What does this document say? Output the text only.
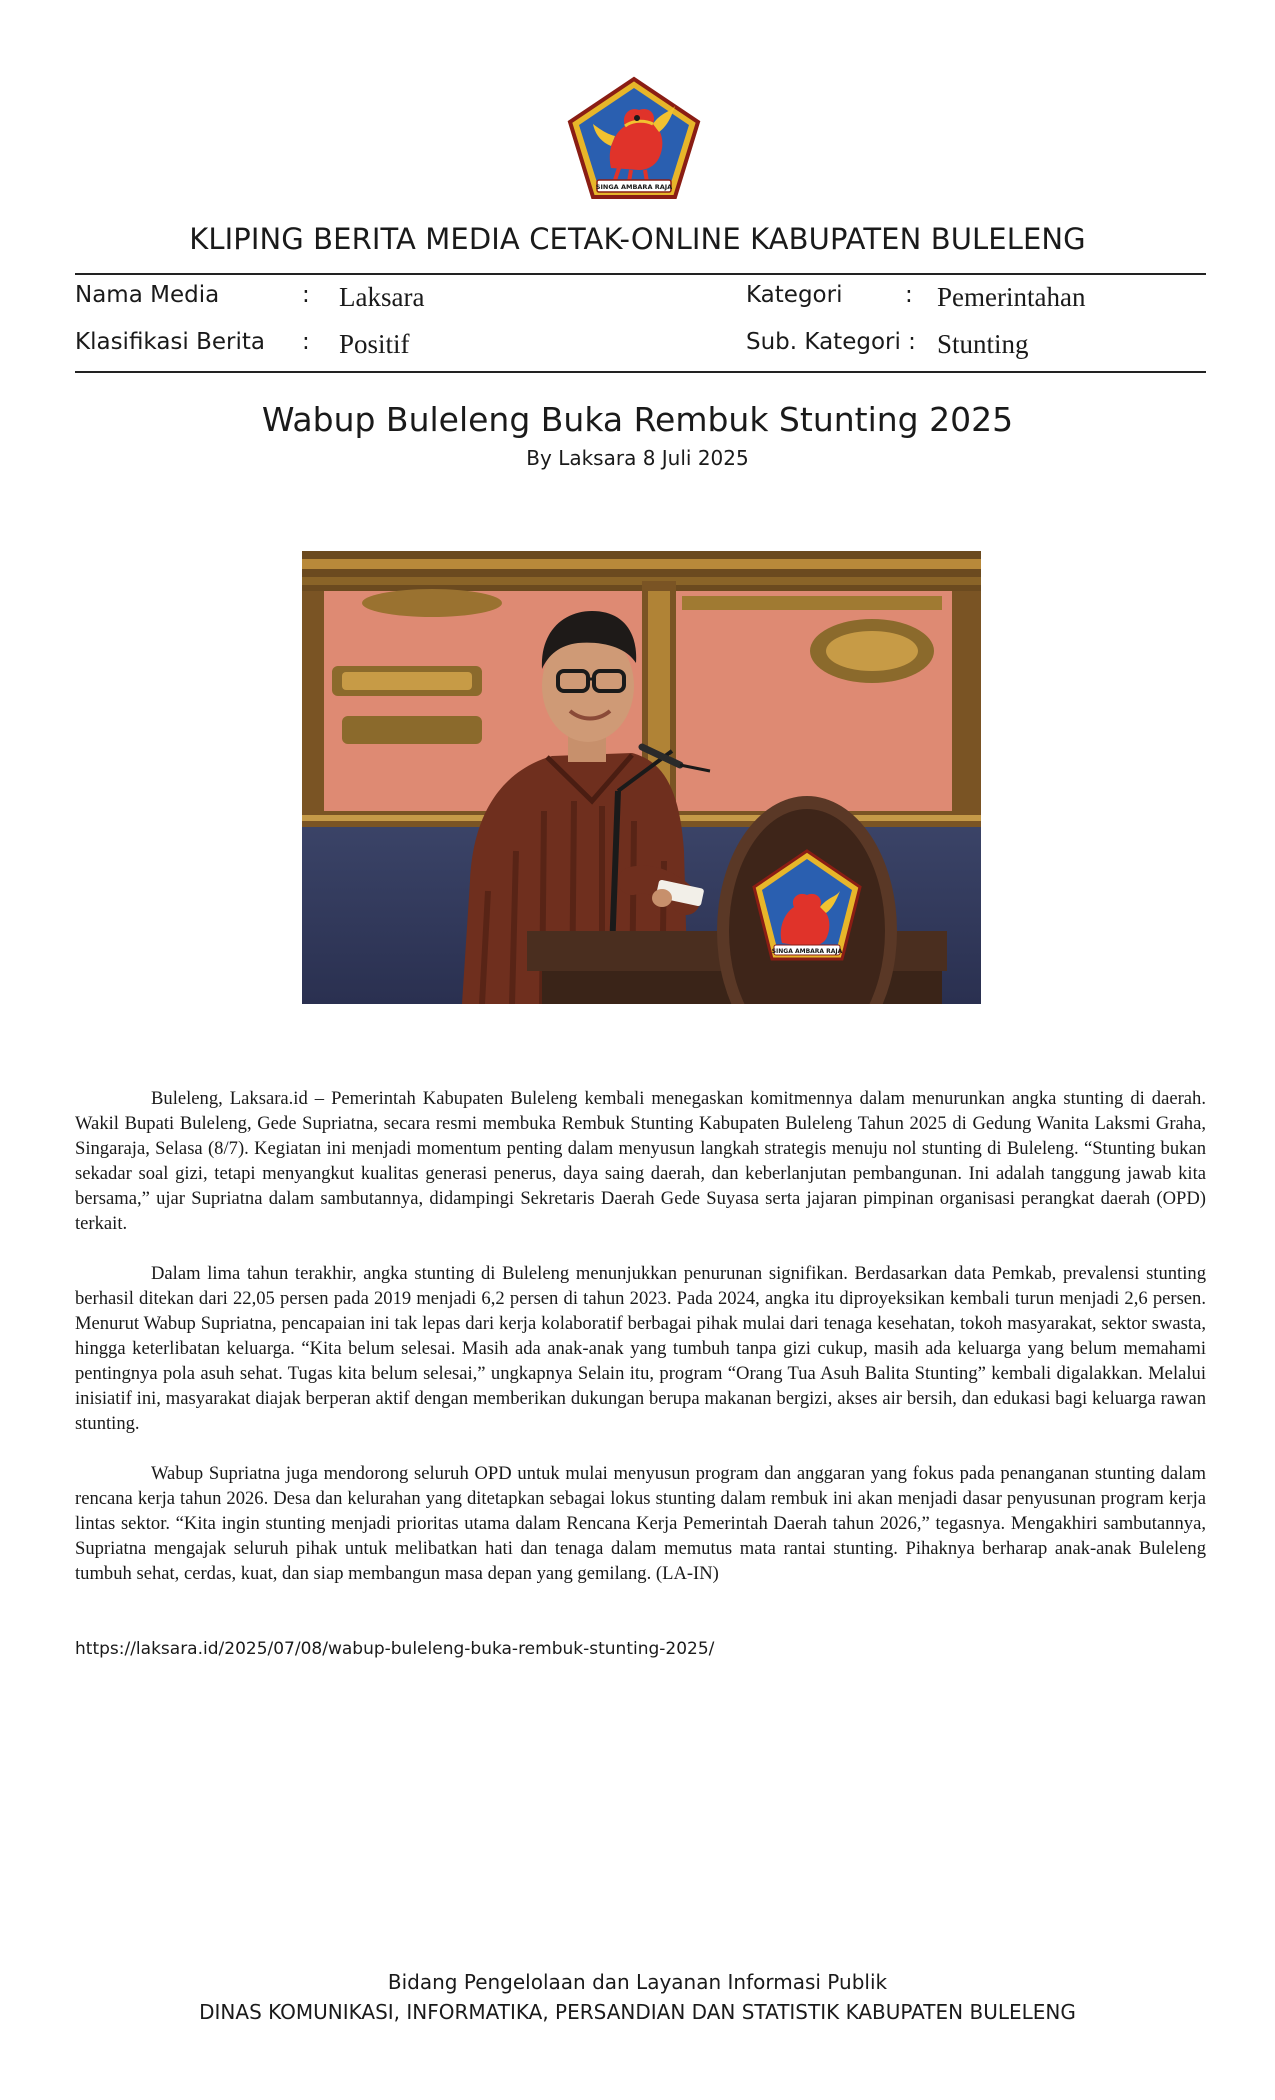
SINGA AMBARA RAJA
KLIPING BERITA MEDIA CETAK-ONLINE KABUPATEN BULELENG
Nama Media	: Laksara
Klasifikasi Berita : Positif
Kategori	: Pemerintahan
Sub. Kategori : Stunting
Wabup Buleleng Buka Rembuk Stunting 2025
By Laksara 8 Juli 2025
SINGA AMBARA RAJA

Buleleng, Laksara.id – Pemerintah Kabupaten Buleleng kembali menegaskan komitmennya dalam menurunkan angka stunting di daerah. Wakil Bupati Buleleng, Gede Supriatna, secara resmi membuka Rembuk Stunting Kabupaten Buleleng Tahun 2025 di Gedung Wanita Laksmi Graha, Singaraja, Selasa (8/7). Kegiatan ini menjadi momentum penting dalam menyusun langkah strategis menuju nol stunting di Buleleng. “Stunting bukan sekadar soal gizi, tetapi menyangkut kualitas generasi penerus, daya saing daerah, dan keberlanjutan pembangunan. Ini adalah tanggung jawab kita bersama,” ujar Supriatna dalam sambutannya, didampingi Sekretaris Daerah Gede Suyasa serta jajaran pimpinan organisasi perangkat daerah (OPD) terkait.

Dalam lima tahun terakhir, angka stunting di Buleleng menunjukkan penurunan signifikan. Berdasarkan data Pemkab, prevalensi stunting berhasil ditekan dari 22,05 persen pada 2019 menjadi 6,2 persen di tahun 2023. Pada 2024, angka itu diproyeksikan kembali turun menjadi 2,6 persen. Menurut Wabup Supriatna, pencapaian ini tak lepas dari kerja kolaboratif berbagai pihak mulai dari tenaga kesehatan, tokoh masyarakat, sektor swasta, hingga keterlibatan keluarga. “Kita belum selesai. Masih ada anak-anak yang tumbuh tanpa gizi cukup, masih ada keluarga yang belum memahami pentingnya pola asuh sehat. Tugas kita belum selesai,” ungkapnya Selain itu, program “Orang Tua Asuh Balita Stunting” kembali digalakkan. Melalui inisiatif ini, masyarakat diajak berperan aktif dengan memberikan dukungan berupa makanan bergizi, akses air bersih, dan edukasi bagi keluarga rawan stunting.

Wabup Supriatna juga mendorong seluruh OPD untuk mulai menyusun program dan anggaran yang fokus pada penanganan stunting dalam rencana kerja tahun 2026. Desa dan kelurahan yang ditetapkan sebagai lokus stunting dalam rembuk ini akan menjadi dasar penyusunan program kerja lintas sektor. “Kita ingin stunting menjadi prioritas utama dalam Rencana Kerja Pemerintah Daerah tahun 2026,” tegasnya. Mengakhiri sambutannya, Supriatna mengajak seluruh pihak untuk melibatkan hati dan tenaga dalam memutus mata rantai stunting. Pihaknya berharap anak-anak Buleleng tumbuh sehat, cerdas, kuat, dan siap membangun masa depan yang gemilang. (LA-IN)

https://laksara.id/2025/07/08/wabup-buleleng-buka-rembuk-stunting-2025/
Bidang Pengelolaan dan Layanan Informasi Publik
DINAS KOMUNIKASI, INFORMATIKA, PERSANDIAN DAN STATISTIK KABUPATEN BULELENG
